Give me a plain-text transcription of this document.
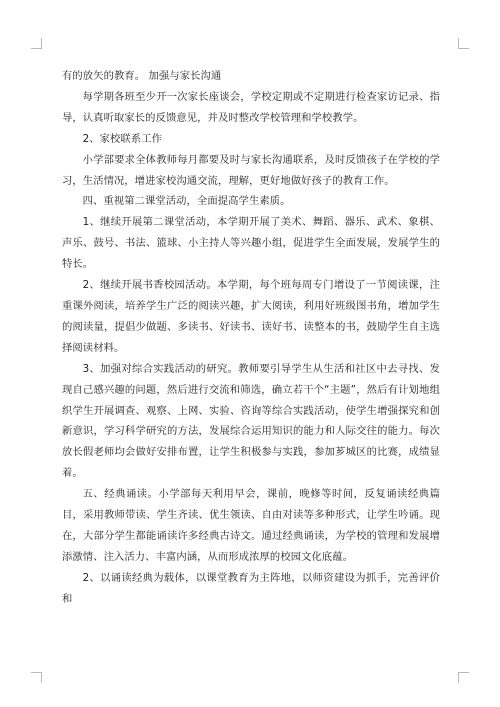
有的放矢的教育。 加强与家长沟通

每学期各班至少开一次家长座谈会，学校定期或不定期进行检查家访记录、指导，认真听取家长的反馈意见，并及时整改学校管理和学校教学。

2、家校联系工作

小学部要求全体教师每月都要及时与家长沟通联系，及时反馈孩子在学校的学习，生活情况，增进家校沟通交流，理解，更好地做好孩子的教育工作。

四、重视第二课堂活动，全面提高学生素质。

1、继续开展第二课堂活动，本学期开展了美术、舞蹈、器乐、武术、象棋、声乐、鼓号、书法、篮球、小主持人等兴趣小组，促进学生全面发展，发展学生的特长。

2、继续开展书香校园活动。本学期，每个班每周专门增设了一节阅读课，注重课外阅读，培养学生广泛的阅读兴趣，扩大阅读，利用好班级图书角，增加学生的阅读量，提倡少做题、多读书、好读书、读好书、读整本的书，鼓励学生自主选择阅读材料。

3、加强对综合实践活动的研究。教师要引导学生从生活和社区中去寻找、发现自己感兴趣的问题，然后进行交流和筛选，确立若干个“主题”，然后有计划地组织学生开展调查、观察、上网、实验、咨询等综合实践活动，使学生增强探究和创新意识，学习科学研究的方法，发展综合运用知识的能力和人际交往的能力。每次放长假老师均会做好安排布置，让学生积极参与实践，参加芗城区的比赛，成绩显着。

五、经典诵读。小学部每天利用早会，课前，晚修等时间，反复诵读经典篇目，采用教师带读、学生齐读、优生领读、自由对读等多种形式，让学生吟诵。现在，大部分学生都能诵读许多经典古诗文。通过经典诵读，为学校的管理和发展增添激情、注入活力、丰富内涵，从而形成浓厚的校园文化底蕴。

2、以诵读经典为载体，以课堂教育为主阵地，以师资建设为抓手，完善评价和
